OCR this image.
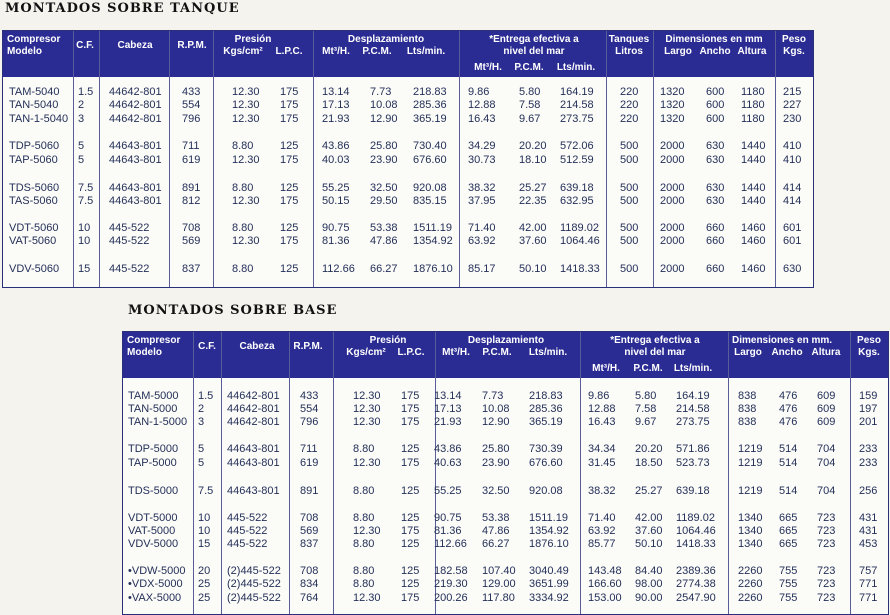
MONTADOS SOBRE TANQUE
Compresor
Modelo
C.F. Cabeza R.P.M.
Presión
Kgs/cm² L.P.C.
Desplazamiento
Mt³/H. P.C.M. Lts/min.
*Entrega efectiva a
nivel del mar
Mt³/H. P.C.M. Lts/min.
Tanques
Litros
Dimensiones en mm
Largo Ancho Altura
Peso
Kgs.
TAM-5040 1.5 44642-801 433	12.30 175 13.14 7.73 218.83 9.86	5.80 164.19 220 1320 600 1180 215
TAN-5040 2 44642-801 554	12.30 175 17.13 10.08 285.36 12.88 7.58 214.58 220 1320 600 1180 227
TAN-1-5040 3 44642-801 796	12.30 175 21.93 12.90 365.19 16.43 9.67 273.75 220 1320 600 1180 230
TDP-5060 5 44643-801 711	8.80 125 43.86 25.80 730.40 34.29 20.20 572.06 500 2000 630 1440 410
TAP-5060 5 44643-801 619	12.30 175 40.03 23.90 676.60 30.73 18.10 512.59 500 2000 630 1440 410
TDS-5060 7.5 44643-801 891	8.80 125 55.25 32.50 920.08 38.32 25.27 639.18 500 2000 630 1440 414
TAS-5060 7.5 44643-801 812	12.30 175 50.15 29.50 835.15 37.95 22.35 632.95 500 2000 630 1440 414
VDT-5060 10 445-522	708	8.80 125 90.75 53.38 1511.19 71.40 42.00 1189.02 500 2000 660 1460 601
VAT-5060 10 445-522	569	12.30 175 81.36 47.86 1354.92 63.92 37.60 1064.46 500 2000 660 1460 601
VDV-5060 15 445-522	837	8.80 125 112.66 66.27 1876.10 85.17 50.10 1418.33 500 2000 660 1460 630
MONTADOS SOBRE BASE
Compresor
Modelo
C.F. Cabeza R.P.M.
Presión
Kgs/cm² L.P.C.
Desplazamiento
Mt³/H. P.C.M. Lts/min.
*Entrega efectiva a
nivel del mar
Mt³/H. P.C.M. Lts/min.
Dimensiones en mm.
Largo Ancho Altura
Peso
Kgs.
TAM-5000 1.5 44642-801 433	12.30 175 13.14 7.73 218.83 9.86 5.80 164.19	838 476 609 159
TAN-5000 2 44642-801 554	12.30 175 17.13 10.08 285.36 12.88 7.58 214.58	838 476 609 197
TAN-1-5000 3 44642-801 796	12.30 175 21.93 12.90 365.19 16.43 9.67 273.75	838 476 609 201
TDP-5000 5 44643-801 711	8.80 125 43.86 25.80 730.39 34.34 20.20 571.86	1219 514 704 233
TAP-5000 5 44643-801 619	12.30 175 40.63 23.90 676.60 31.45 18.50 523.73	1219 514 704 233
TDS-5000 7.5 44643-801 891	8.80 125 55.25 32.50 920.08 38.32 25.27 639.18	1219 514 704 256
VDT-5000 10 445-522	708	8.80 125 90.75 53.38 1511.19 71.40 42.00 1189.02 1340 665 723 431
VAT-5000 10 445-522	569	12.30 175 81.36 47.86 1354.92 63.92 37.60 1064.46 1340 665 723 431
VDV-5000 15 445-522	837	8.80 125 112.66 66.27 1876.10 85.77 50.10 1418.33 1340 665 723 453
•VDW-5000 20 (2)445-522 708	8.80 125 182.58 107.40 3040.49 143.48 84.40 2389.36 2260 755 723 757
•VDX-5000 25 (2)445-522 834	8.80 125 219.30 129.00 3651.99 166.60 98.00 2774.38 2260 755 723 771
•VAX-5000 25 (2)445-522 764	12.30 175 200.26 117.80 3334.92 153.00 90.00 2547.90 2260 755 723 771
